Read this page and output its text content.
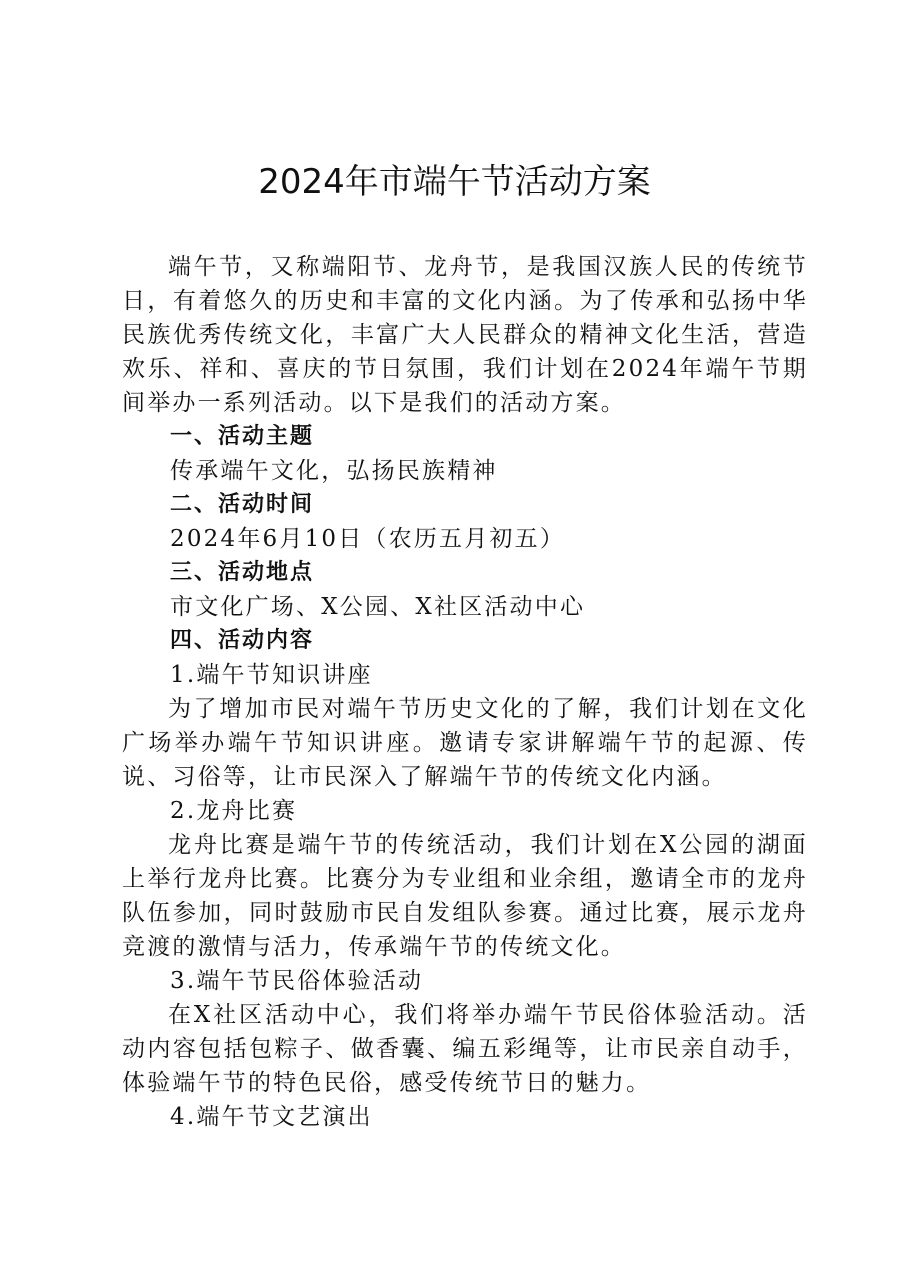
2024年市端午节活动方案

端午节，又称端阳节、龙舟节，是我国汉族人民的传统节日，有着悠久的历史和丰富的文化内涵。为了传承和弘扬中华民族优秀传统文化，丰富广大人民群众的精神文化生活，营造欢乐、祥和、喜庆的节日氛围，我们计划在2024年端午节期间举办一系列活动。以下是我们的活动方案。

一、活动主题

传承端午文化，弘扬民族精神

二、活动时间

2024年6月10日（农历五月初五）

三、活动地点

市文化广场、X公园、X社区活动中心

四、活动内容

1.端午节知识讲座

为了增加市民对端午节历史文化的了解，我们计划在文化广场举办端午节知识讲座。邀请专家讲解端午节的起源、传说、习俗等，让市民深入了解端午节的传统文化内涵。

2.龙舟比赛

龙舟比赛是端午节的传统活动，我们计划在X公园的湖面上举行龙舟比赛。比赛分为专业组和业余组，邀请全市的龙舟队伍参加，同时鼓励市民自发组队参赛。通过比赛，展示龙舟竞渡的激情与活力，传承端午节的传统文化。

3.端午节民俗体验活动

在X社区活动中心，我们将举办端午节民俗体验活动。活动内容包括包粽子、做香囊、编五彩绳等，让市民亲自动手，体验端午节的特色民俗，感受传统节日的魅力。

4.端午节文艺演出
